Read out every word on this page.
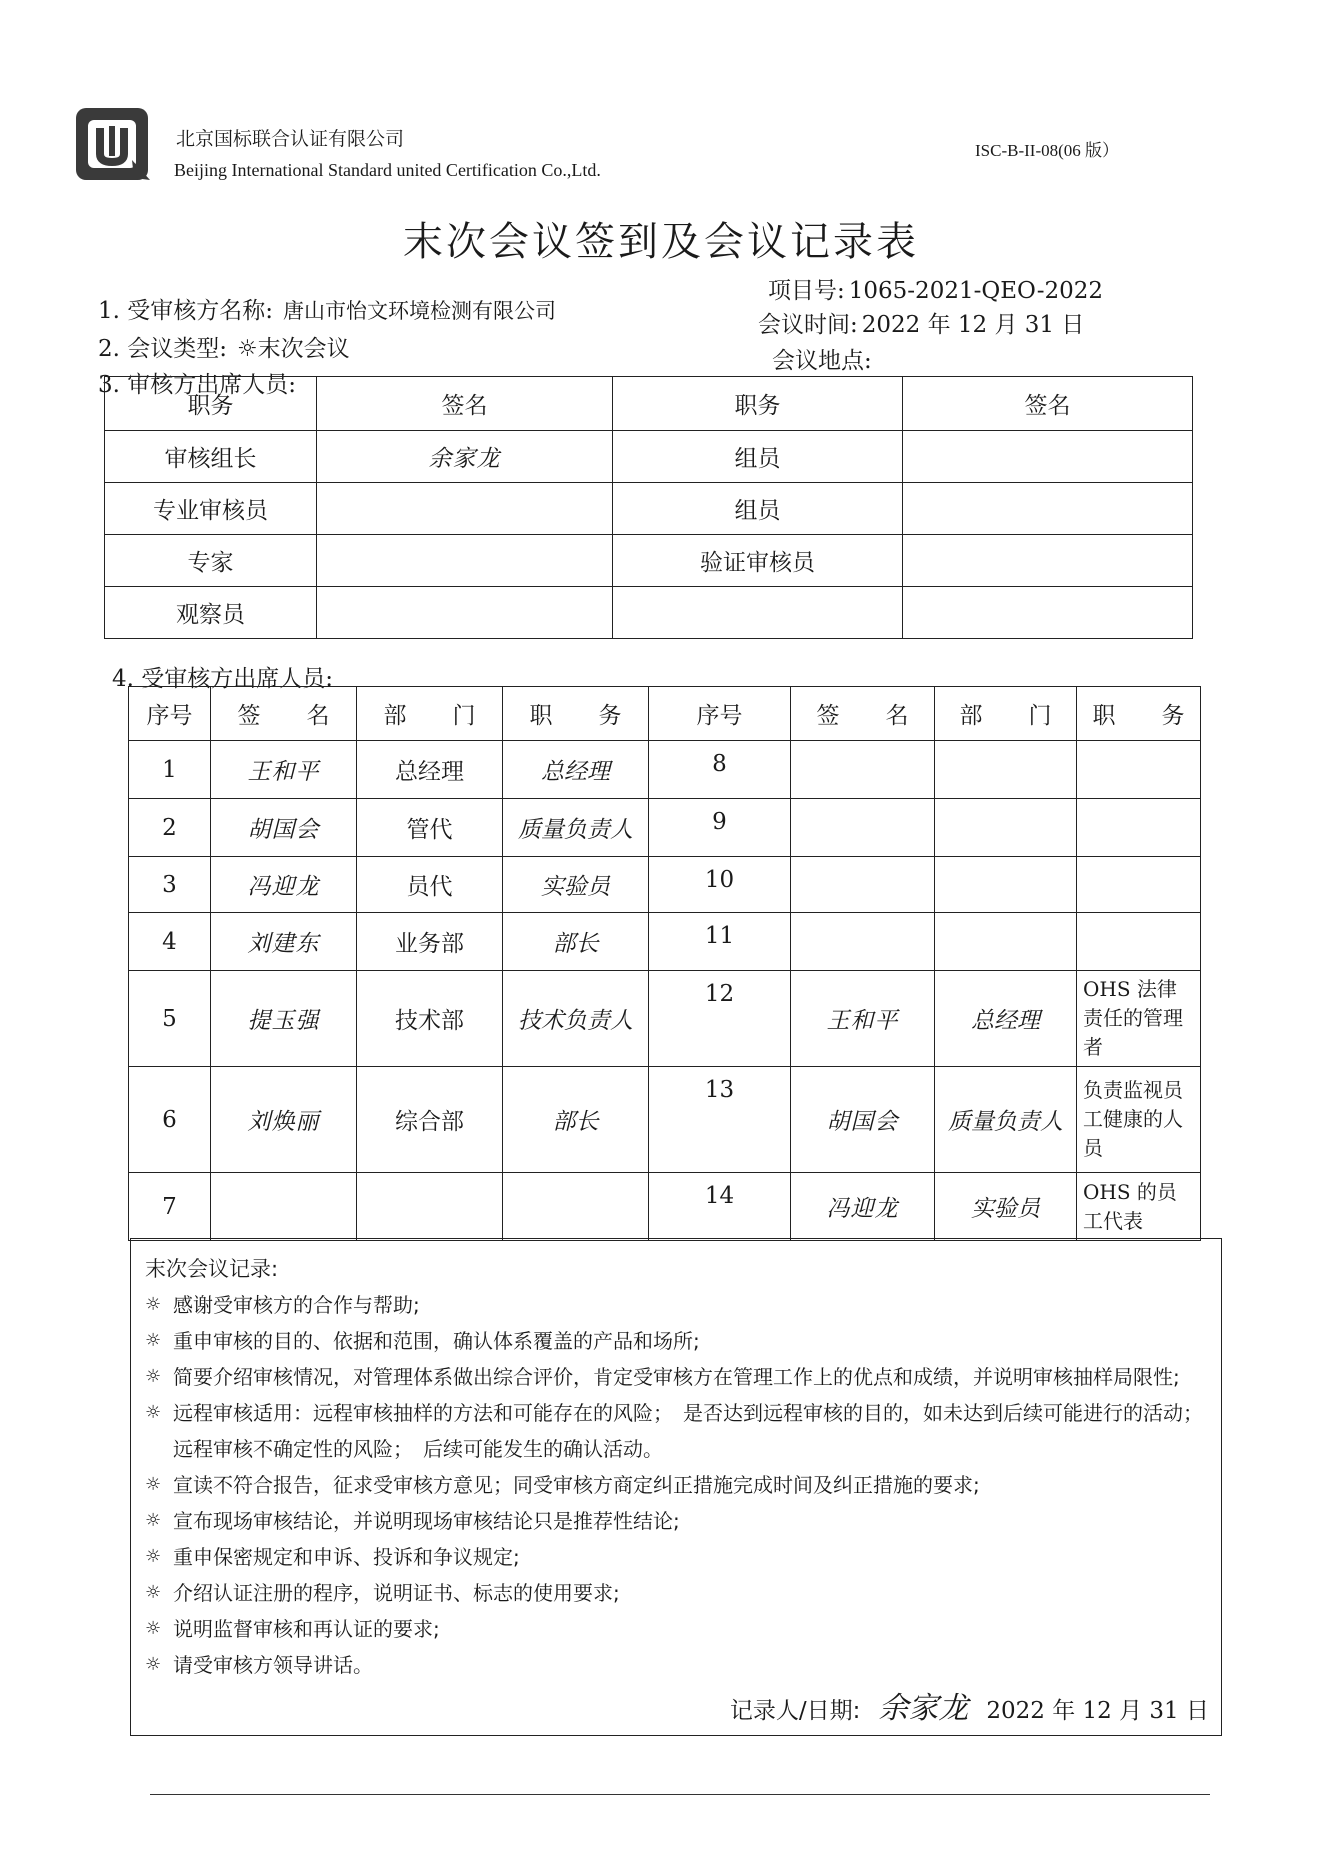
北京国标联合认证有限公司
Beijing International Standard united Certification Co.,Ltd.
ISC-B-II-08(06 版）
末次会议签到及会议记录表
1. 受审核方名称: 唐山市怡文环境检测有限公司
2. 会议类型: ☼末次会议
3. 审核方出席人员:
项目号: 1065-2021-QEO-2022
会议时间: 2022 年 12 月 31 日
会议地点:
职务	签名	职务	签名
审核组长	余家龙	组员	
专业审核员		组员	
专家		验证审核员	
观察员			
4. 受审核方出席人员:
序号	签　　名	部　　门	职　　务	序号	签　　名	部　　门	职　　务
1	王和平	总经理	总经理	8			
2	胡国会	管代	质量负责人	9			
3	冯迎龙	员代	实验员	10			
4	刘建东	业务部	部长	11			
5	提玉强	技术部	技术负责人	12	王和平	总经理	OHS 法律责任的管理者
6	刘焕丽	综合部	部长	13	胡国会	质量负责人	负责监视员工健康的人员
7				14	冯迎龙	实验员	OHS 的员工代表
末次会议记录:
☼ 感谢受审核方的合作与帮助;
☼ 重申审核的目的、依据和范围，确认体系覆盖的产品和场所;
☼ 简要介绍审核情况，对管理体系做出综合评价，肯定受审核方在管理工作上的优点和成绩，并说明审核抽样局限性;
☼ 远程审核适用：远程审核抽样的方法和可能存在的风险；　是否达到远程审核的目的，如未达到后续可能进行的活动；　远程审核不确定性的风险；　后续可能发生的确认活动。
☼ 宣读不符合报告，征求受审核方意见；同受审核方商定纠正措施完成时间及纠正措施的要求;
☼ 宣布现场审核结论，并说明现场审核结论只是推荐性结论;
☼ 重申保密规定和申诉、投诉和争议规定;
☼ 介绍认证注册的程序，说明证书、标志的使用要求;
☼ 说明监督审核和再认证的要求;
☼ 请受审核方领导讲话。
记录人/日期: 余家龙 2022 年 12 月 31 日
